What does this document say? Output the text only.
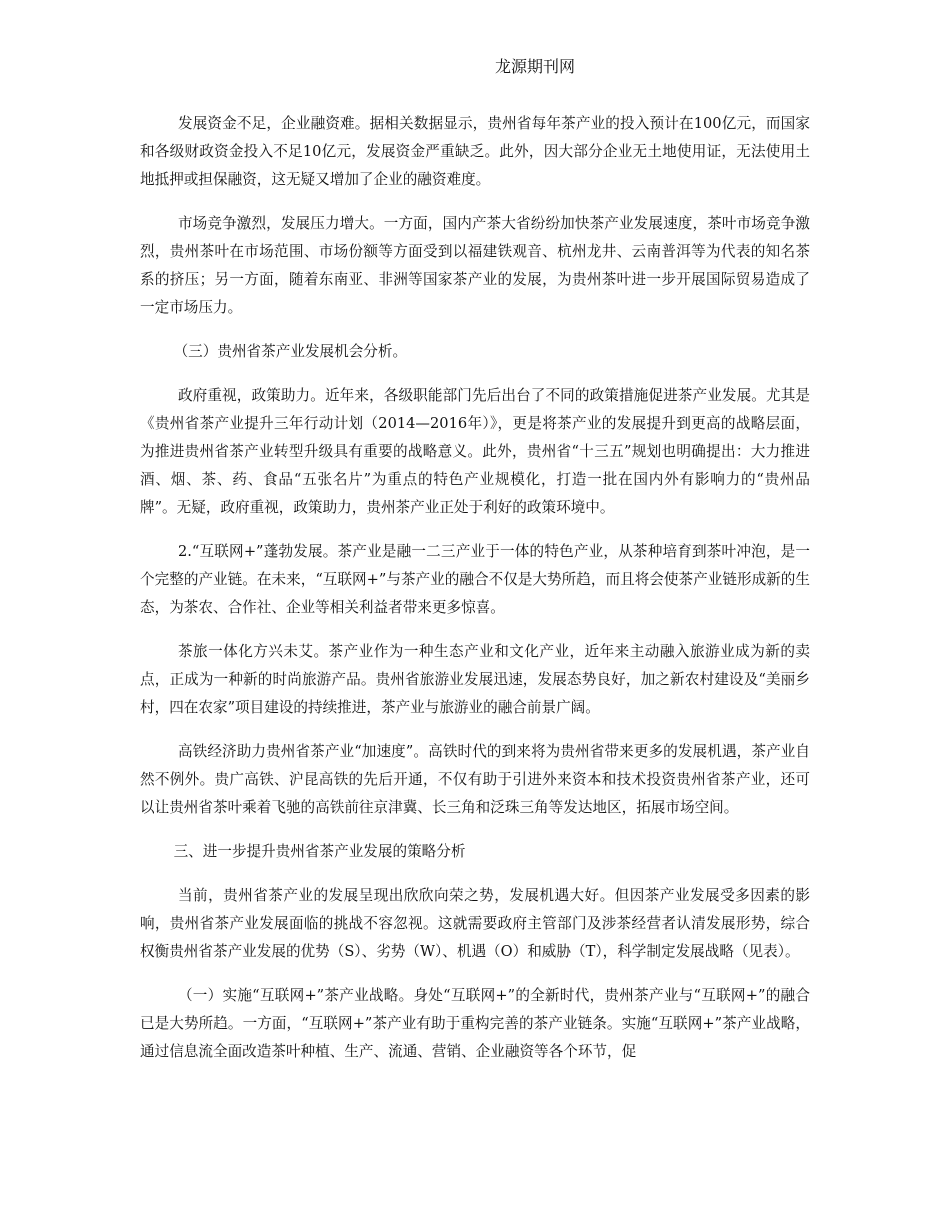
龙源期刊网

发展资金不足，企业融资难。据相关数据显示，贵州省每年茶产业的投入预计在100亿元，而国家和各级财政资金投入不足10亿元，发展资金严重缺乏。此外，因大部分企业无土地使用证，无法使用土地抵押或担保融资，这无疑又增加了企业的融资难度。

市场竞争激烈，发展压力增大。一方面，国内产茶大省纷纷加快茶产业发展速度，茶叶市场竞争激烈，贵州茶叶在市场范围、市场份额等方面受到以福建铁观音、杭州龙井、云南普洱等为代表的知名茶系的挤压；另一方面，随着东南亚、非洲等国家茶产业的发展，为贵州茶叶进一步开展国际贸易造成了一定市场压力。

（三）贵州省茶产业发展机会分析。

政府重视，政策助力。近年来，各级职能部门先后出台了不同的政策措施促进茶产业发展。尤其是《贵州省茶产业提升三年行动计划（2014—2016年）》，更是将茶产业的发展提升到更高的战略层面，为推进贵州省茶产业转型升级具有重要的战略意义。此外，贵州省“十三五”规划也明确提出：大力推进酒、烟、茶、药、食品“五张名片”为重点的特色产业规模化，打造一批在国内外有影响力的“贵州品牌”。无疑，政府重视，政策助力，贵州茶产业正处于利好的政策环境中。

2.“互联网+”蓬勃发展。茶产业是融一二三产业于一体的特色产业，从茶种培育到茶叶冲泡，是一个完整的产业链。在未来，“互联网+”与茶产业的融合不仅是大势所趋，而且将会使茶产业链形成新的生态，为茶农、合作社、企业等相关利益者带来更多惊喜。

茶旅一体化方兴未艾。茶产业作为一种生态产业和文化产业，近年来主动融入旅游业成为新的卖点，正成为一种新的时尚旅游产品。贵州省旅游业发展迅速，发展态势良好，加之新农村建设及“美丽乡村，四在农家”项目建设的持续推进，茶产业与旅游业的融合前景广阔。

高铁经济助力贵州省茶产业“加速度”。高铁时代的到来将为贵州省带来更多的发展机遇，茶产业自然不例外。贵广高铁、沪昆高铁的先后开通，不仅有助于引进外来资本和技术投资贵州省茶产业，还可以让贵州省茶叶乘着飞驰的高铁前往京津冀、长三角和泛珠三角等发达地区，拓展市场空间。

三、进一步提升贵州省茶产业发展的策略分析

当前，贵州省茶产业的发展呈现出欣欣向荣之势，发展机遇大好。但因茶产业发展受多因素的影响，贵州省茶产业发展面临的挑战不容忽视。这就需要政府主管部门及涉茶经营者认清发展形势，综合权衡贵州省茶产业发展的优势（S）、劣势（W）、机遇（O）和威胁（T），科学制定发展战略（见表）。

（一）实施“互联网+”茶产业战略。身处“互联网+”的全新时代，贵州茶产业与“互联网+”的融合已是大势所趋。一方面，“互联网+”茶产业有助于重构完善的茶产业链条。实施“互联网+”茶产业战略，通过信息流全面改造茶叶种植、生产、流通、营销、企业融资等各个环节，促
